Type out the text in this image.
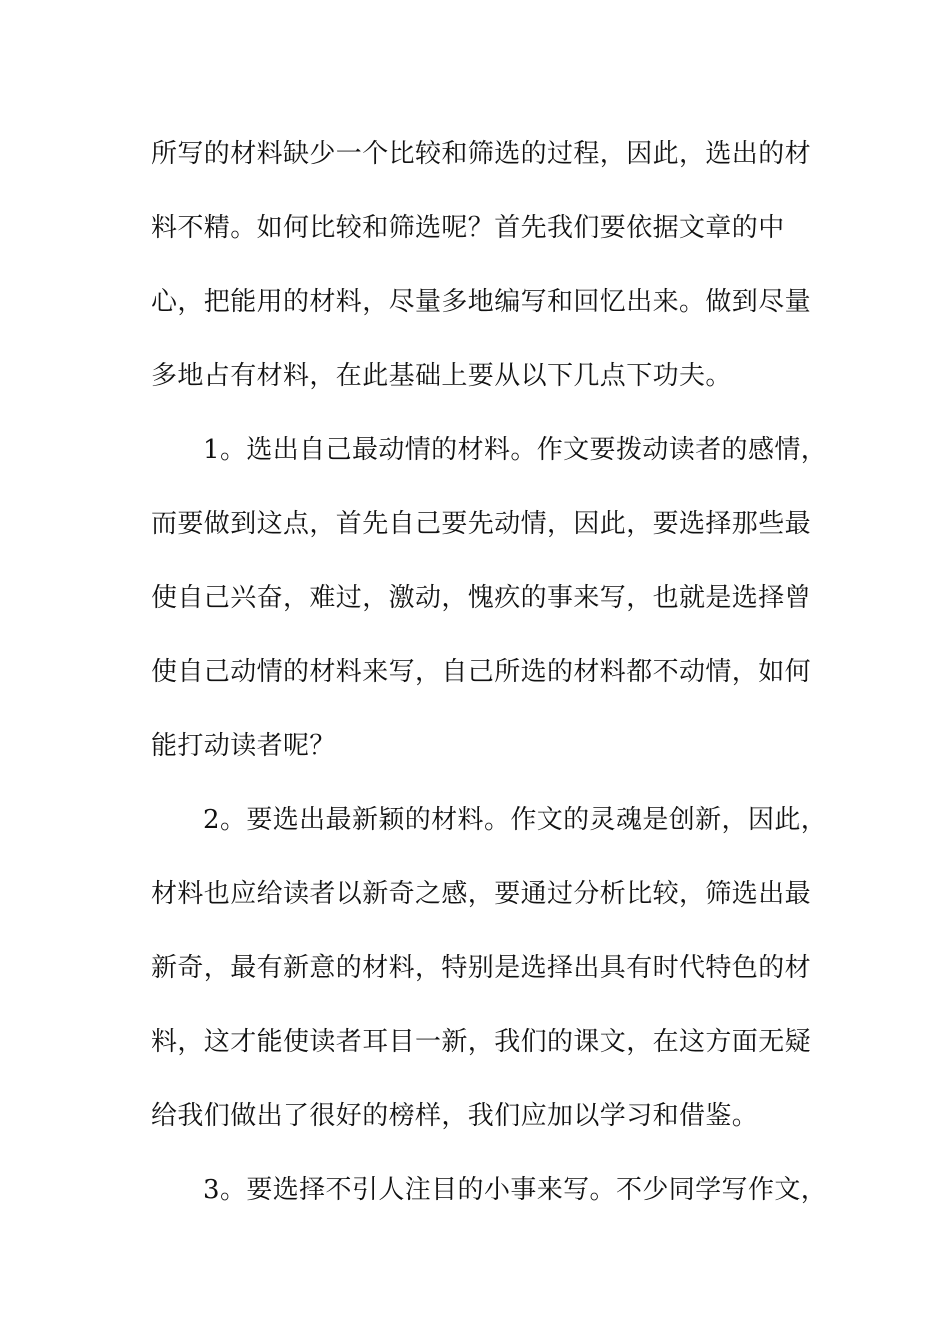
所写的材料缺少一个比较和筛选的过程，因此，选出的材
料不精。如何比较和筛选呢？首先我们要依据文章的中
心，把能用的材料，尽量多地编写和回忆出来。做到尽量
多地占有材料，在此基础上要从以下几点下功夫。
1。选出自己最动情的材料。作文要拨动读者的感情，
而要做到这点，首先自己要先动情，因此，要选择那些最
使自己兴奋，难过，激动，愧疚的事来写，也就是选择曾
使自己动情的材料来写，自己所选的材料都不动情，如何
能打动读者呢？
2。要选出最新颖的材料。作文的灵魂是创新，因此，
材料也应给读者以新奇之感，要通过分析比较，筛选出最
新奇，最有新意的材料，特别是选择出具有时代特色的材
料，这才能使读者耳目一新，我们的课文，在这方面无疑
给我们做出了很好的榜样，我们应加以学习和借鉴。
3。要选择不引人注目的小事来写。不少同学写作文，
